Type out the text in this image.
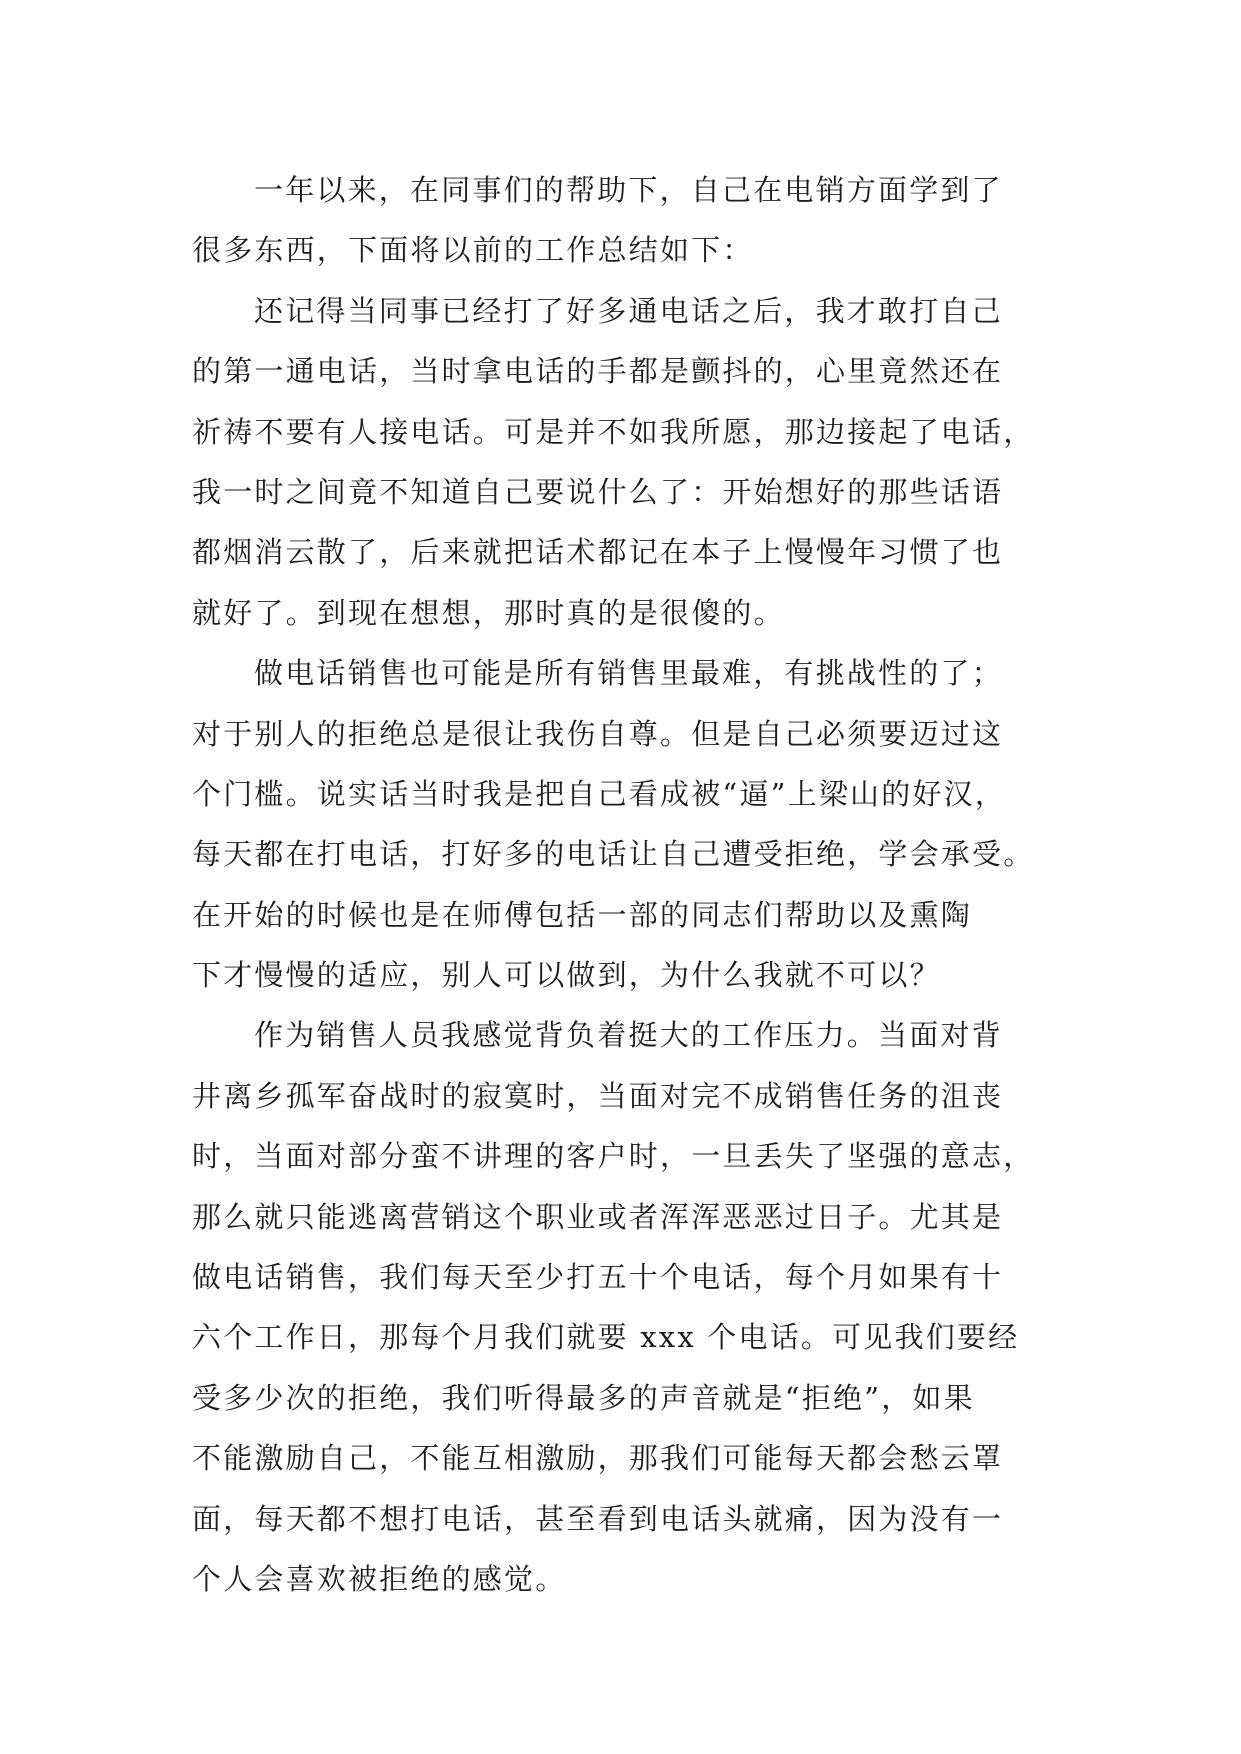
一年以来，在同事们的帮助下，自己在电销方面学到了
很多东西，下面将以前的工作总结如下：
还记得当同事已经打了好多通电话之后，我才敢打自己
的第一通电话，当时拿电话的手都是颤抖的，心里竟然还在
祈祷不要有人接电话。可是并不如我所愿，那边接起了电话，
我一时之间竟不知道自己要说什么了：开始想好的那些话语
都烟消云散了，后来就把话术都记在本子上慢慢年习惯了也
就好了。到现在想想，那时真的是很傻的。
做电话销售也可能是所有销售里最难，有挑战性的了；
对于别人的拒绝总是很让我伤自尊。但是自己必须要迈过这
个门槛。说实话当时我是把自己看成被“逼”上梁山的好汉，
每天都在打电话，打好多的电话让自己遭受拒绝，学会承受。
在开始的时候也是在师傅包括一部的同志们帮助以及熏陶
下才慢慢的适应，别人可以做到，为什么我就不可以？
作为销售人员我感觉背负着挺大的工作压力。当面对背
井离乡孤军奋战时的寂寞时，当面对完不成销售任务的沮丧
时，当面对部分蛮不讲理的客户时，一旦丢失了坚强的意志，
那么就只能逃离营销这个职业或者浑浑恶恶过日子。尤其是
做电话销售，我们每天至少打五十个电话，每个月如果有十
六个工作日，那每个月我们就要 xxx 个电话。可见我们要经
受多少次的拒绝，我们听得最多的声音就是“拒绝”，如果
不能激励自己，不能互相激励，那我们可能每天都会愁云罩
面，每天都不想打电话，甚至看到电话头就痛，因为没有一
个人会喜欢被拒绝的感觉。
